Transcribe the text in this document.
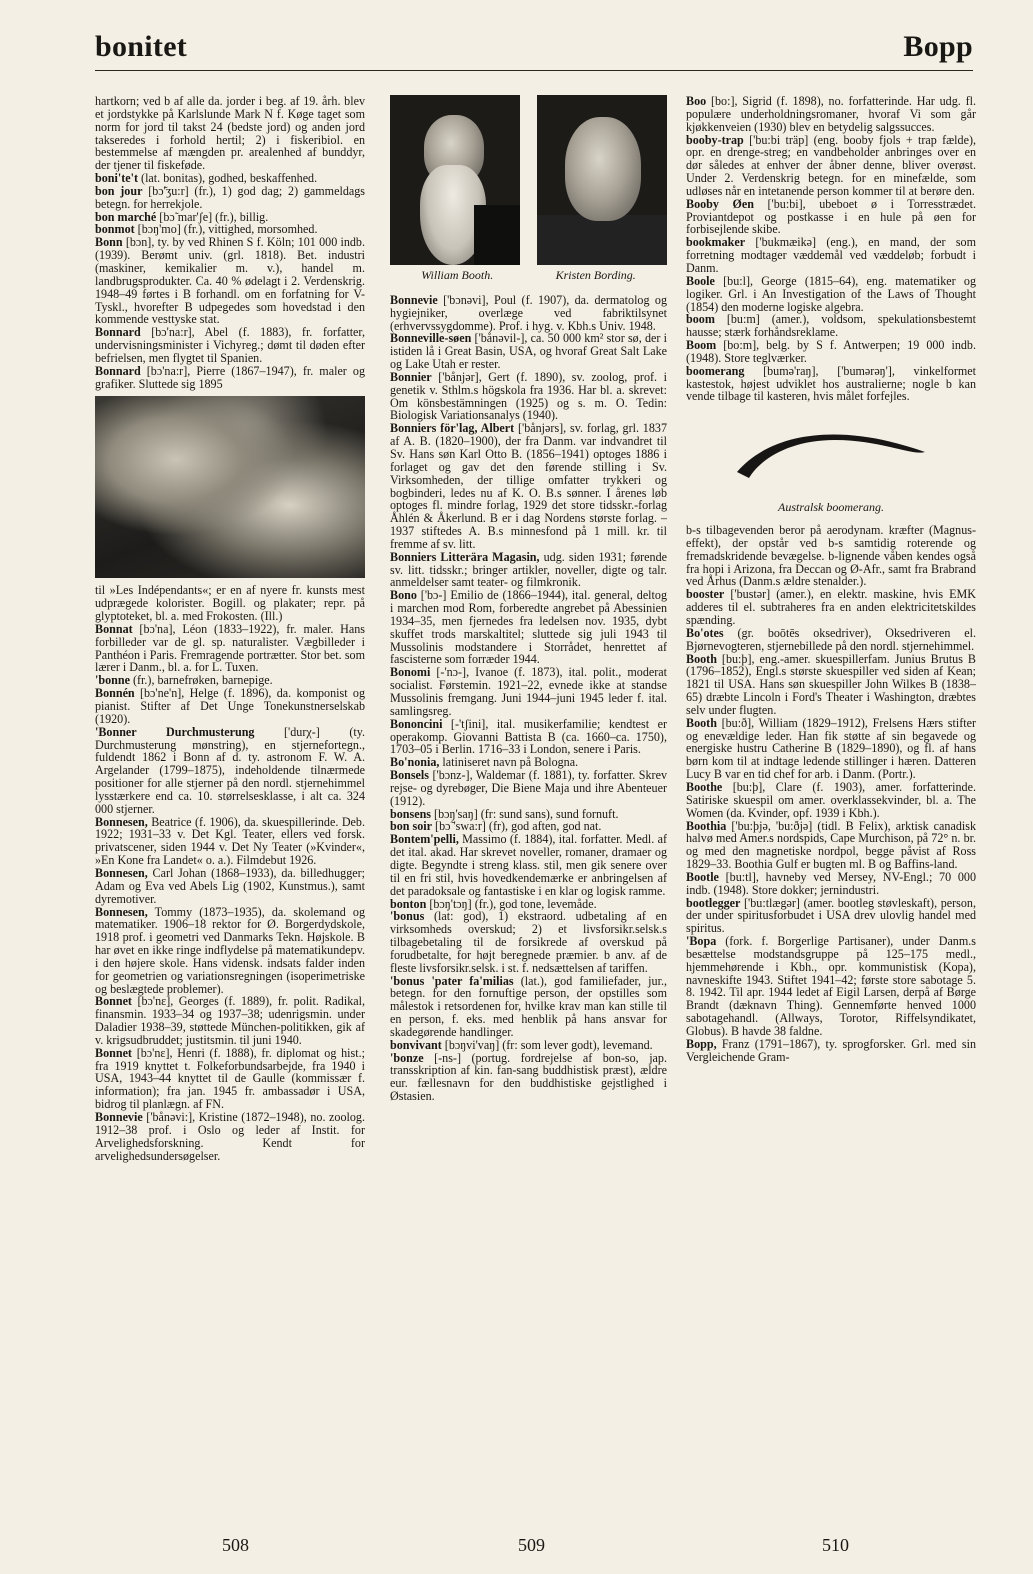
bonitet	Bopp

hartkorn; ved b af alle da. jorder i beg. af 19. årh. blev et jordstykke på Karlslunde Mark N f. Køge taget som norm for jord til takst 24 (bedste jord) og anden jord takseredes i forhold hertil; 2) i fiskeribiol. en bestemmelse af mængden pr. arealenhed af bunddyr, der tjener til fiskeføde.

boni'te't (lat. bonitas), godhed, beskaffenhed.

bon jour [bɔ̃'ʒu:r] (fr.), 1) god dag; 2) gammeldags betegn. for herrekjole.

bon marché [bɔ̃ mar'ʃe] (fr.), billig.

bonmot [bɔŋ'mo] (fr.), vittighed, morsomhed.

Bonn [bɔn], ty. by ved Rhinen S f. Köln; 101 000 indb. (1939). Berømt univ. (grl. 1818). Bet. industri (maskiner, kemikalier m. v.), handel m. landbrugsprodukter. Ca. 40 % ødelagt i 2. Verdenskrig. 1948–49 førtes i B forhandl. om en forfatning for V-Tyskl., hvorefter B udpegedes som hovedstad i den kommende vesttyske stat.

Bonnard [bɔ'na:r], Abel (f. 1883), fr. forfatter, undervisningsminister i Vichyreg.; dømt til døden efter befrielsen, men flygtet til Spanien.

Bonnard [bɔ'na:r], Pierre (1867–1947), fr. maler og grafiker. Sluttede sig 1895

til »Les Indépendants«; er en af nyere fr. kunsts mest udprægede kolorister. Bogill. og plakater; repr. på glyptoteket, bl. a. med Frokosten. (Ill.)

Bonnat [bɔ'na], Léon (1833–1922), fr. maler. Hans forbilleder var de gl. sp. naturalister. Vægbilleder i Panthéon i Paris. Fremragende portrætter. Stor bet. som lærer i Danm., bl. a. for L. Tuxen.

'bonne (fr.), barnefrøken, barnepige.

Bonnén [bɔ'ne'n], Helge (f. 1896), da. komponist og pianist. Stifter af Det Unge Tonekunstnerselskab (1920).

'Bonner Durchmusterung ['durχ-] (ty. Durchmusterung mønstring), en stjernefortegn., fuldendt 1862 i Bonn af d. ty. astronom F. W. A. Argelander (1799–1875), indeholdende tilnærmede positioner for alle stjerner på den nordl. stjernehimmel lysstærkere end ca. 10. størrelsesklasse, i alt ca. 324 000 stjerner.

Bonnesen, Beatrice (f. 1906), da. skuespillerinde. Deb. 1922; 1931–33 v. Det Kgl. Teater, ellers ved forsk. privatscener, siden 1944 v. Det Ny Teater (»Kvinder«, »En Kone fra Landet« o. a.). Filmdebut 1926.

Bonnesen, Carl Johan (1868–1933), da. billedhugger; Adam og Eva ved Abels Lig (1902, Kunstmus.), samt dyremotiver.

Bonnesen, Tommy (1873–1935), da. skolemand og matematiker. 1906–18 rektor for Ø. Borgerdydskole, 1918 prof. i geometri ved Danmarks Tekn. Højskole. B har øvet en ikke ringe indflydelse på matematikundерv. i den højere skole. Hans vidensk. indsats falder inden for geometrien og variationsregningen (isoperimetriske og beslægtede problemer).

Bonnet [bɔ'nɛ], Georges (f. 1889), fr. polit. Radikal, finansmin. 1933–34 og 1937–38; udenrigsmin. under Daladier 1938–39, støttede München-politikken, gik af v. krigsudbruddet; justitsmin. til juni 1940.

Bonnet [bɔ'nɛ], Henri (f. 1888), fr. diplomat og hist.; fra 1919 knyttet t. Folkeforbundsarbejde, fra 1940 i USA, 1943–44 knyttet til de Gaulle (kommissær f. information); fra jan. 1945 fr. ambassadør i USA, bidrog til planlægn. af FN.

Bonnevie ['bånəvi:], Kristine (1872–1948), no. zoolog. 1912–38 prof. i Oslo og leder af Instit. for Arvelighedsforskning. Kendt for arvelighedsundersøgelser.

William Booth.	Kristen Bording.

Bonnevie ['bɔnəvi], Poul (f. 1907), da. dermatolog og hygiejniker, overlæge ved fabriktilsynet (erhvervssygdomme). Prof. i hyg. v. Kbh.s Univ. 1948.

Bonneville-søen ['bånəvil-], ca. 50 000 km² stor sø, der i istiden lå i Great Basin, USA, og hvoraf Great Salt Lake og Lake Utah er rester.

Bonnier ['bånjər], Gert (f. 1890), sv. zoolog, prof. i genetik v. Sthlm.s högskola fra 1936. Har bl. a. skrevet: Om könsbestämningen (1925) og s. m. O. Tedin: Biologisk Variationsanalys (1940).

Bonniers för'lag, Albert ['bånjərs], sv. forlag, grl. 1837 af A. B. (1820–1900), der fra Danm. var indvandret til Sv. Hans søn Karl Otto B. (1856–1941) optoges 1886 i forlaget og gav det den førende stilling i Sv. Virksomheden, der tillige omfatter trykkeri og bogbinderi, ledes nu af K. O. B.s sønner. I årenes løb optoges fl. mindre forlag, 1929 det store tidsskr.-forlag Åhlén & Åkerlund. B er i dag Nordens største forlag. – 1937 stiftedes A. B.s minnesfond på 1 mill. kr. til fremme af sv. litt.

Bonniers Litterära Magasin, udg. siden 1931; førende sv. litt. tidsskr.; bringer artikler, noveller, digte og talr. anmeldelser samt teater- og filmkronik.

Bono ['bɔ-] Emilio de (1866–1944), ital. general, deltog i marchen mod Rom, forberedte angrebet på Abessinien 1934–35, men fjernedes fra ledelsen nov. 1935, dybt skuffet trods marskaltitel; sluttede sig juli 1943 til Mussolinis modstandere i Storrådet, henrettet af fascisterne som forræder 1944.

Bonomi [-'nɔ-], Ivanoe (f. 1873), ital. polit., moderat socialist. Førstemin. 1921–22, evnede ikke at standse Mussolinis fremgang. Juni 1944–juni 1945 leder f. ital. samlingsreg.

Bononcini [-'tʃini], ital. musikerfamilie; kendtest er operakomp. Giovanni Battista B (ca. 1660–ca. 1750), 1703–05 i Berlin. 1716–33 i London, senere i Paris.

Bo'nonia, latiniseret navn på Bologna.

Bonsels ['bɔnz-], Waldemar (f. 1881), ty. forfatter. Skrev rejse- og dyrebøger, Die Biene Maja und ihre Abenteuer (1912).

bonsens [bɔŋ'saŋ] (fr: sund sans), sund fornuft.

bon soir [bɔ̃ 'swa:r] (fr), god aften, god nat.

Bontem'pelli, Massimo (f. 1884), ital. forfatter. Medl. af det ital. akad. Har skrevet noveller, romaner, dramaer og digte. Begyndte i streng klass. stil, men gik senere over til en fri stil, hvis hovedkendemærke er anbringelsen af det paradoksale og fantastiske i en klar og logisk ramme.

bonton [bɔŋ'tɔŋ] (fr.), god tone, levemåde.

'bonus (lat: god), 1) ekstraord. udbetaling af en virksomheds overskud; 2) et livsforsikr.selsk.s tilbagebetaling til de forsikrede af overskud på forudbetalte, for højt beregnede præmier. b anv. af de fleste livsforsikr.selsk. i st. f. nedsættelsen af tariffen.

'bonus 'pater fa'milias (lat.), god familiefader, jur., betegn. for den fornuftige person, der opstilles som målestok i retsordenen for, hvilke krav man kan stille til en person, f. eks. med henblik på hans ansvar for skadegørende handlinger.

bonvivant [bɔŋvi'vaŋ] (fr: som lever godt), levemand.

'bonze [-ns-] (portug. fordrejelse af bon-so, jap. transskription af kin. fan-sang buddhistisk præst), ældre eur. fællesnavn for den buddhistiske gejstlighed i Østasien.

Boo [bo:], Sigrid (f. 1898), no. forfatterinde. Har udg. fl. populære underholdningsromaner, hvoraf Vi som går kjøkkenveien (1930) blev en betydelig salgssucces.

booby-trap ['bu:bi träp] (eng. booby fjols + trap fælde), opr. en drenge-streg; en vandbeholder anbringes over en dør således at enhver der åbner denne, bliver overøst. Under 2. Verdenskrig betegn. for en minefælde, som udløses når en intetanende person kommer til at berøre den.

Booby Øen ['bu:bi], ubeboet ø i Torresstrædet. Proviantdepot og postkasse i en hule på øen for forbisejlende skibe.

bookmaker ['bukmæikə] (eng.), en mand, der som forretning modtager væddemål ved væddeløb; forbudt i Danm.

Boole [bu:l], George (1815–64), eng. matematiker og logiker. Grl. i An Investigation of the Laws of Thought (1854) den moderne logiske algebra.

boom [bu:m] (amer.), voldsom, spekulationsbestemt hausse; stærk forhåndsreklame.

Boom [bo:m], belg. by S f. Antwerpen; 19 000 indb. (1948). Store teglværker.

boomerang [bumə'raŋ], ['bumərəŋ'], vinkelformet kastestok, højest udviklet hos australierne; nogle b kan vende tilbage til kasteren, hvis målet forfejles.

Australsk boomerang.

b-s tilbagevenden beror på aerodynam. kræfter (Magnus-effekt), der opstår ved b-s samtidig roterende og fremadskridende bevægelse. b-lignende våben kendes også fra hopi i Arizona, fra Deccan og Ø-Afr., samt fra Brabrand ved Århus (Danm.s ældre stenalder.).

booster ['bustər] (amer.), en elektr. maskine, hvis EMK adderes til el. subtraheres fra en anden elektricitetskildes spænding.

Bo'otes (gr. boōtēs oksedriver), Oksedriveren el. Bjørnevogteren, stjernebillede på den nordl. stjernehimmel.

Booth [bu:þ], eng.-amer. skuespillerfam. Junius Brutus B (1796–1852), Engl.s største skuespiller ved siden af Kean; 1821 til USA. Hans søn skuespiller John Wilkes B (1838–65) dræbte Lincoln i Ford's Theater i Washington, dræbtes selv under flugten.

Booth [bu:ð], William (1829–1912), Frelsens Hærs stifter og enevældige leder. Han fik støtte af sin begavede og energiske hustru Catherine B (1829–1890), og fl. af hans børn kom til at indtage ledende stillinger i hæren. Datteren Lucy B var en tid chef for arb. i Danm. (Portr.).

Boothe [bu:þ], Clare (f. 1903), amer. forfatterinde. Satiriske skuespil om amer. overklassekvinder, bl. a. The Women (da. Kvinder, opf. 1939 i Kbh.).

Boothia ['bu:þjə, 'bu:ðjə] (tidl. B Felix), arktisk canadisk halvø med Amer.s nordspids, Cape Murchison, på 72° n. br. og med den magnetiske nordpol, begge påvist af Ross 1829–33. Boothia Gulf er bugten ml. B og Baffins-land.

Bootle [bu:tl], havneby ved Mersey, NV-Engl.; 70 000 indb. (1948). Store dokker; jernindustri.

bootlegger ['bu:tlægər] (amer. bootleg støvleskaft), person, der under spiritusforbudet i USA drev ulovlig handel med spiritus.

'Bopa (fork. f. Borgerlige Partisaner), under Danm.s besættelse modstandsgruppe på 125–175 medl., hjemmehørende i Kbh., opr. kommunistisk (Kopa), navneskifte 1943. Stiftet 1941–42; første store sabotage 5. 8. 1942. Til apr. 1944 ledet af Eigil Larsen, derpå af Børge Brandt (dæknavn Thing). Gennemførte henved 1000 sabotagehandl. (Allways, Torotor, Riffelsyndikatet, Globus). B havde 38 faldne.

Bopp, Franz (1791–1867), ty. sprogforsker. Grl. med sin Vergleichende Gram-

508	509	510
